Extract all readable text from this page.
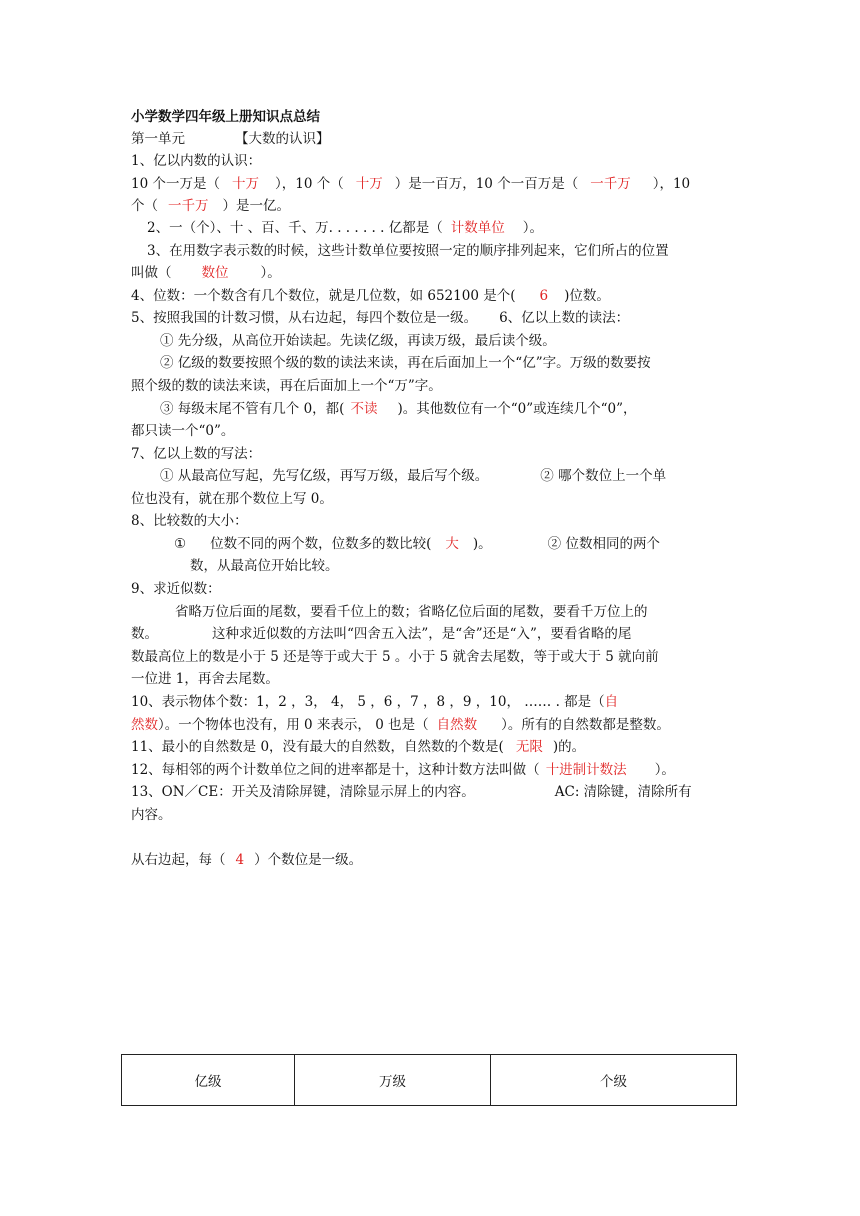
小学数学四年级上册知识点总结
第一单元	【大数的认识】
1、亿以内数的认识：
10 个一万是（ 十万 ），10 个（ 十万 ）是一百万，10 个一百万是（ 一千万 ），10
个（ 一千万 ）是一亿。
2、一（个）、十 、百、千、万. . . . . . . 亿都是（ 计数单位 ）。
3、在用数字表示数的时候，这些计数单位要按照一定的顺序排列起来，它们所占的位置
叫做（ 数位 ）。
4、位数：一个数含有几个数位，就是几位数，如 652100 是个( 6 )位数。
5、按照我国的计数习惯，从右边起，每四个数位是一级。 6、亿以上数的读法：
① 先分级，从高位开始读起。先读亿级，再读万级，最后读个级。
② 亿级的数要按照个级的数的读法来读，再在后面加上一个“亿”字。万级的数要按
照个级的数的读法来读，再在后面加上一个“万”字。
③ 每级末尾不管有几个 0，都( 不读 )。其他数位有一个“0”或连续几个“0”，
都只读一个“0”。
7、亿以上数的写法：
① 从最高位写起，先写亿级，再写万级，最后写个级。	② 哪个数位上一个单
位也没有，就在那个数位上写 0。
8、比较数的大小：
① 位数不同的两个数，位数多的数比较( 大 )。	② 位数相同的两个
数，从最高位开始比较。
9、求近似数：
省略万位后面的尾数，要看千位上的数；省略亿位后面的尾数，要看千万位上的
数。	这种求近似数的方法叫“四舍五入法”，是“舍”还是“入”，要看省略的尾
数最高位上的数是小于 5 还是等于或大于 5 。小于 5 就舍去尾数，等于或大于 5 就向前
一位进 1，再舍去尾数。
10、表示物体个数：1，2 ，3， 4， 5 ，6 ，7 ，8 ，9 ，10， …… . 都是（自
然数）。一个物体也没有，用 0 来表示， 0 也是（ 自然数 ）。所有的自然数都是整数。
11、最小的自然数是 0，没有最大的自然数，自然数的个数是( 无限 )的。
12、每相邻的两个计数单位之间的进率都是十，这种计数方法叫做（ 十进制计数法 ）。
13、ON／CE：开关及清除屏键，清除显示屏上的内容。	AC: 清除键，清除所有
内容。
从右边起，每（ 4 ）个数位是一级。
亿级	万级	个级
